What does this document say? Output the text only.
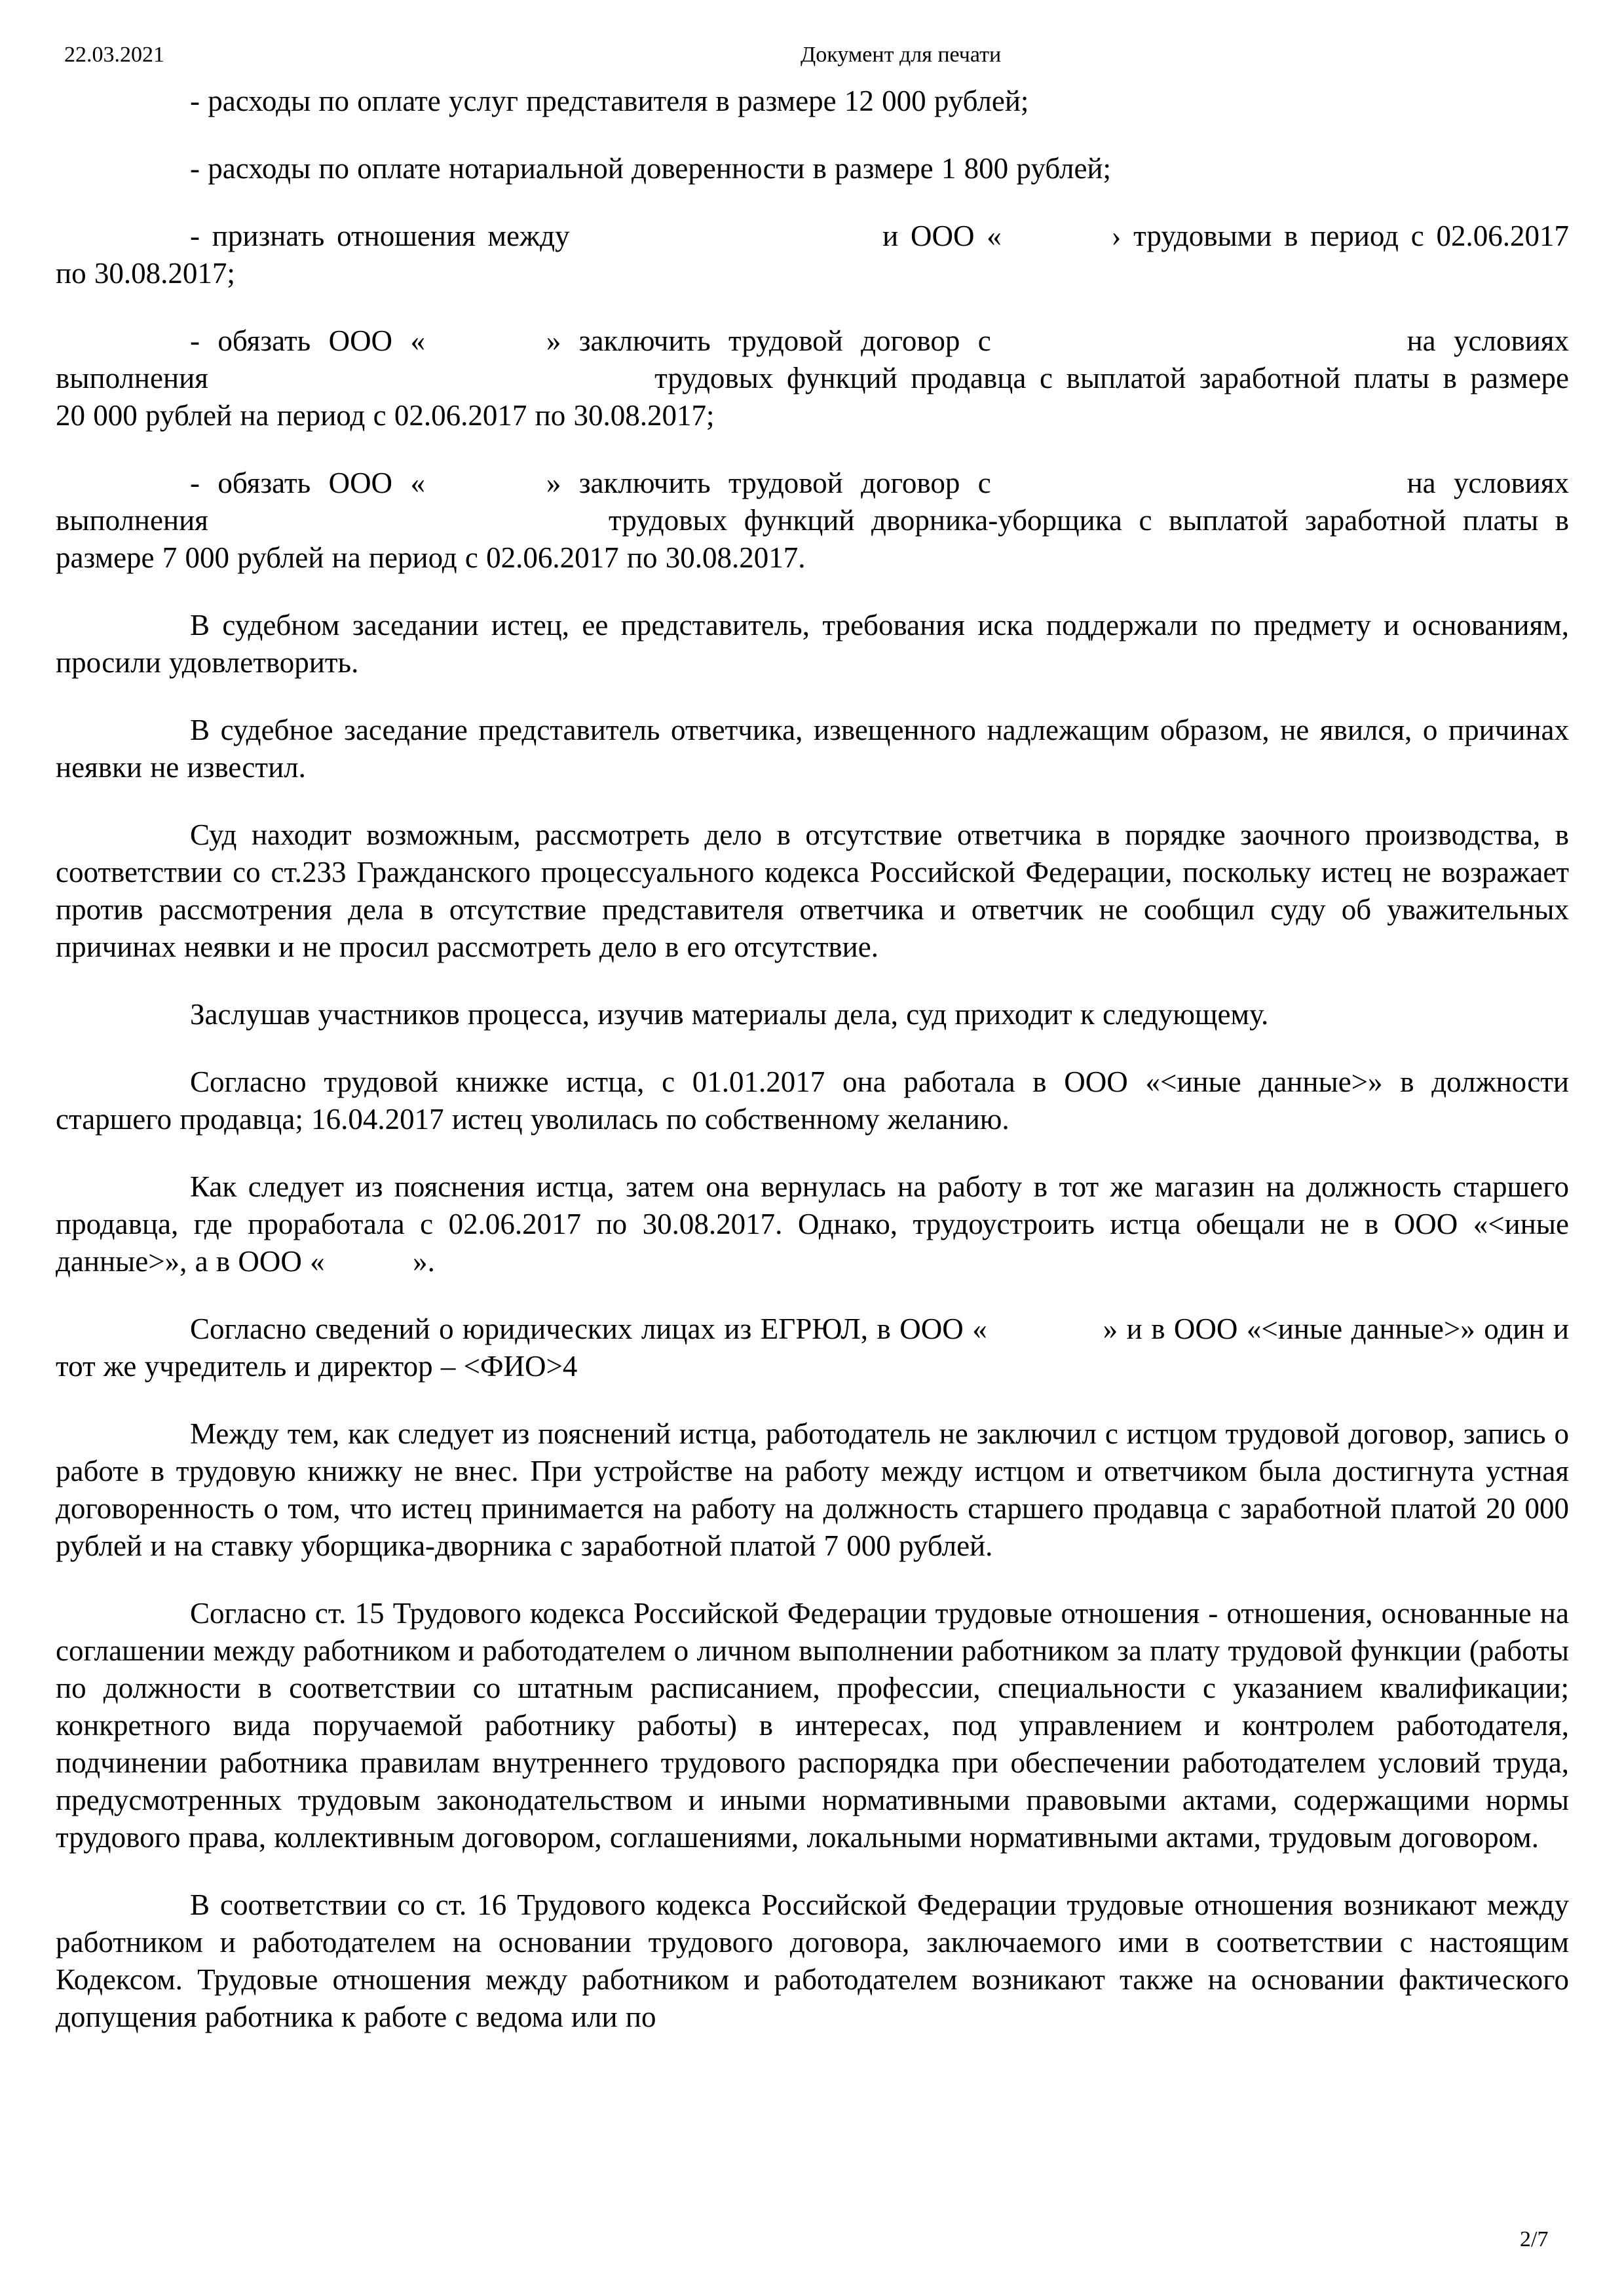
22.03.2021	Документ для печати

- расходы по оплате услуг представителя в размере 12 000 рублей;

- расходы по оплате нотариальной доверенности в размере 1 800 рублей;

- признать отношения между	и ООО «	› трудовыми в период с 02.06.2017 по 30.08.2017;

- обязать ООО «	» заключить трудовой договор с	на условиях выполнения	трудовых функций продавца с выплатой заработной платы в размере 20 000 рублей на период с 02.06.2017 по 30.08.2017;

- обязать ООО «	» заключить трудовой договор с	на условиях выполнения	трудовых функций дворника-уборщика с выплатой заработной платы в размере 7 000 рублей на период с 02.06.2017 по 30.08.2017.

В судебном заседании истец, ее представитель, требования иска поддержали по предмету и основаниям, просили удовлетворить.

В судебное заседание представитель ответчика, извещенного надлежащим образом, не явился, о причинах неявки не известил.

Суд находит возможным, рассмотреть дело в отсутствие ответчика в порядке заочного производства, в соответствии со ст.233 Гражданского процессуального кодекса Российской Федерации, поскольку истец не возражает против рассмотрения дела в отсутствие представителя ответчика и ответчик не сообщил суду об уважительных причинах неявки и не просил рассмотреть дело в его отсутствие.

Заслушав участников процесса, изучив материалы дела, суд приходит к следующему.

Согласно трудовой книжке истца, с 01.01.2017 она работала в ООО «<иные данные>» в должности старшего продавца; 16.04.2017 истец уволилась по собственному желанию.

Как следует из пояснения истца, затем она вернулась на работу в тот же магазин на должность старшего продавца, где проработала с 02.06.2017 по 30.08.2017. Однако, трудоустроить истца обещали не в ООО «<иные данные>», а в ООО «	».

Согласно сведений о юридических лицах из ЕГРЮЛ, в ООО «	» и в ООО «<иные данные>» один и тот же учредитель и директор – <ФИО>4

Между тем, как следует из пояснений истца, работодатель не заключил с истцом трудовой договор, запись о работе в трудовую книжку не внес. При устройстве на работу между истцом и ответчиком была достигнута устная договоренность о том, что истец принимается на работу на должность старшего продавца с заработной платой 20 000 рублей и на ставку уборщика-дворника с заработной платой 7 000 рублей.

Согласно ст. 15 Трудового кодекса Российской Федерации трудовые отношения - отношения, основанные на соглашении между работником и работодателем о личном выполнении работником за плату трудовой функции (работы по должности в соответствии со штатным расписанием, профессии, специальности с указанием квалификации; конкретного вида поручаемой работнику работы) в интересах, под управлением и контролем работодателя, подчинении работника правилам внутреннего трудового распорядка при обеспечении работодателем условий труда, предусмотренных трудовым законодательством и иными нормативными правовыми актами, содержащими нормы трудового права, коллективным договором, соглашениями, локальными нормативными актами, трудовым договором.

В соответствии со ст. 16 Трудового кодекса Российской Федерации трудовые отношения возникают между работником и работодателем на основании трудового договора, заключаемого ими в соответствии с настоящим Кодексом. Трудовые отношения между работником и работодателем возникают также на основании фактического допущения работника к работе с ведома или по

2/7
